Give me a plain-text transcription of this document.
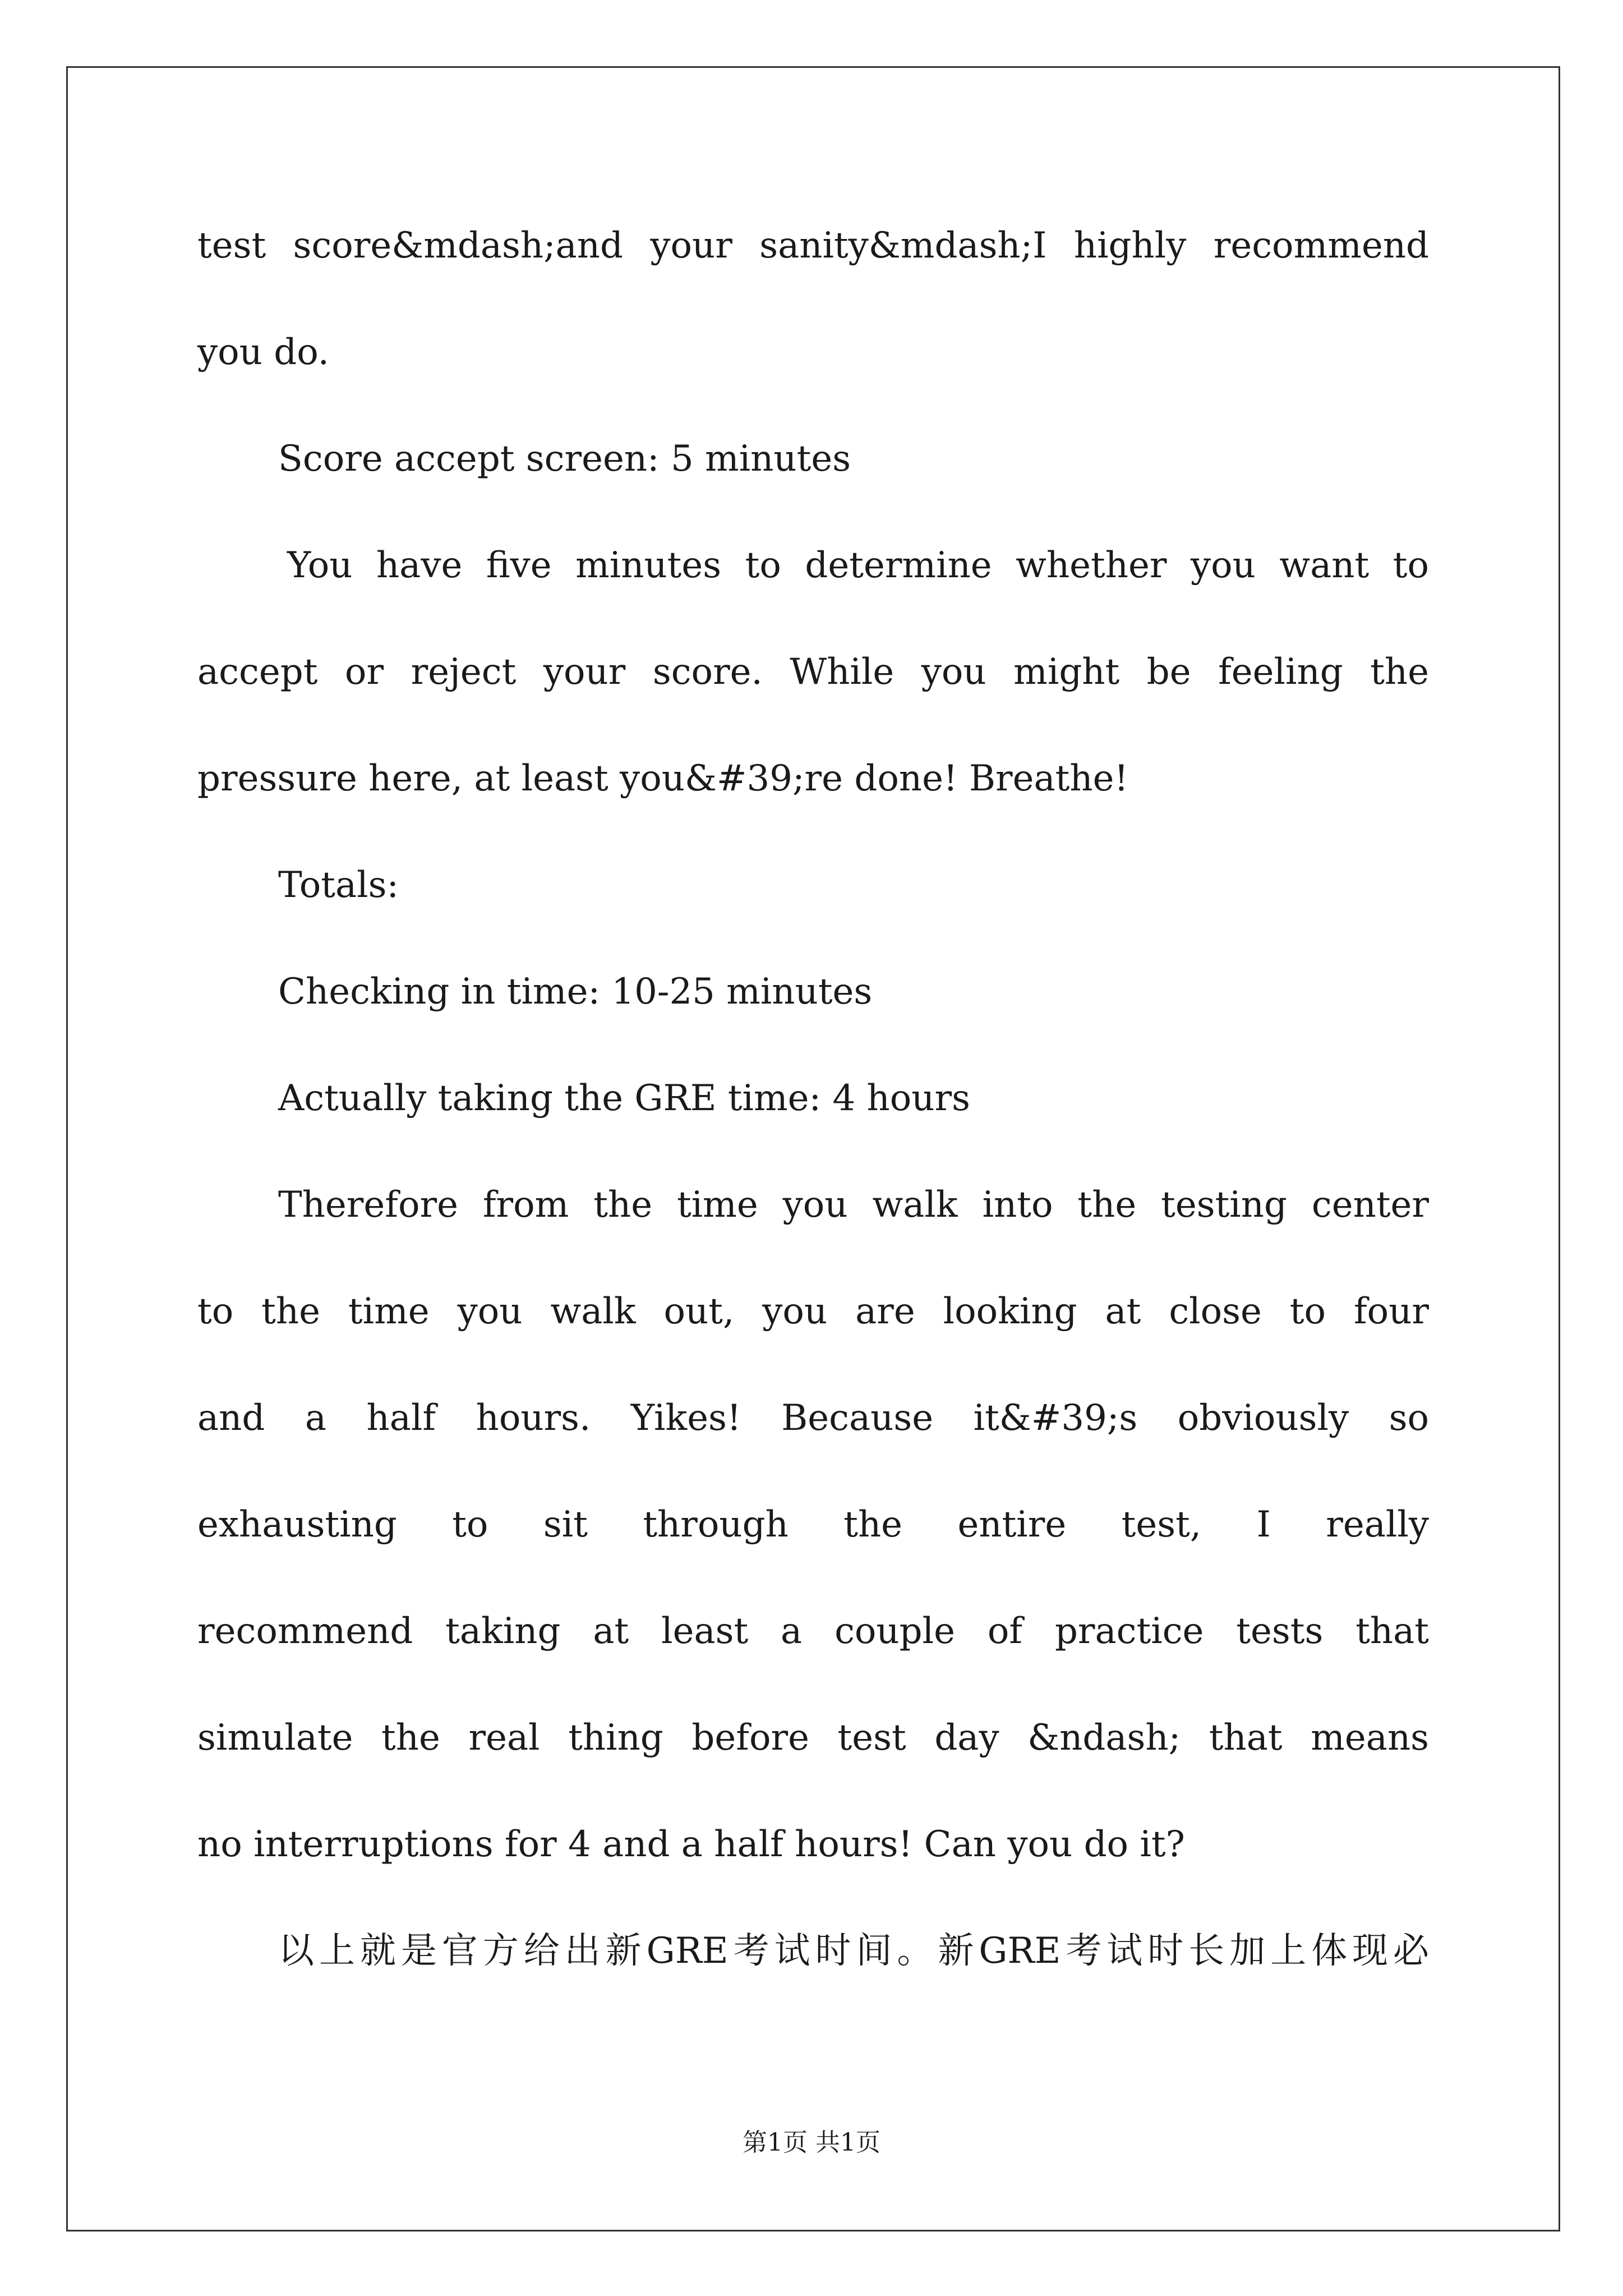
test score&mdash;and your sanity&mdash;I highly recommend
you do.
Score accept screen: 5 minutes
You have five minutes to determine whether you want to
accept or reject your score. While you might be feeling the
pressure here, at least you&#39;re done! Breathe!
Totals:
Checking in time: 10-25 minutes
Actually taking the GRE time: 4 hours
Therefore from the time you walk into the testing center
to the time you walk out, you are looking at close to four
and a half hours. Yikes! Because it&#39;s obviously so
exhausting to sit through the entire test, I really
recommend taking at least a couple of practice tests that
simulate the real thing before test day &ndash; that means
no interruptions for 4 and a half hours! Can you do it?
以上就是官方给出新GRE考试时间。新GRE考试时长加上体现必
第1页 共1页
